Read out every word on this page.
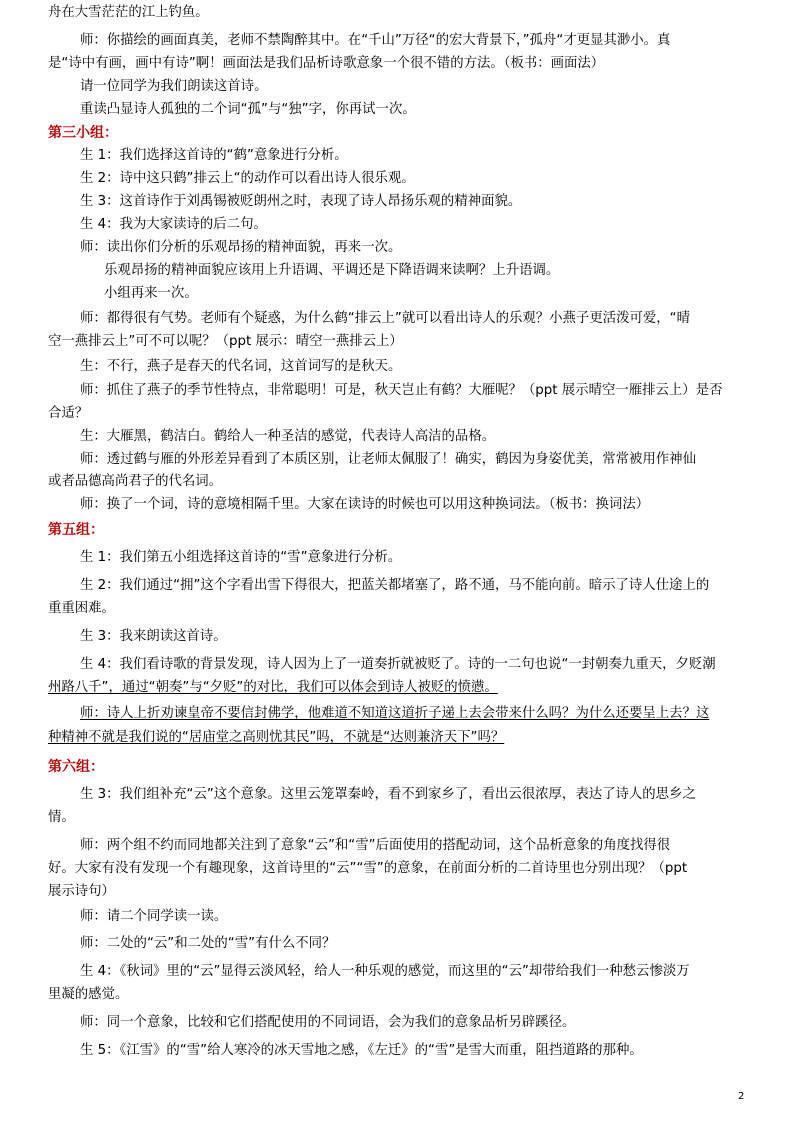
舟在大雪茫茫的江上钓鱼。
师：你描绘的画面真美，老师不禁陶醉其中。在“千山”万径“的宏大背景下，”孤舟“才更显其渺小。真
是“诗中有画，画中有诗”啊！画面法是我们品析诗歌意象一个很不错的方法。（板书：画面法）
请一位同学为我们朗读这首诗。
重读凸显诗人孤独的二个词“孤”与“独”字，你再试一次。
第三小组：
生 1：我们选择这首诗的“鹤”意象进行分析。
生 2：诗中这只鹤”排云上“的动作可以看出诗人很乐观。
生 3：这首诗作于刘禹锡被贬朗州之时，表现了诗人昂扬乐观的精神面貌。
生 4：我为大家读诗的后二句。
师：读出你们分析的乐观昂扬的精神面貌，再来一次。
乐观昂扬的精神面貌应该用上升语调、平调还是下降语调来读啊？上升语调。
小组再来一次。
师：都得很有气势。老师有个疑惑，为什么鹤“排云上”就可以看出诗人的乐观？小燕子更活泼可爱，“晴
空一燕排云上”可不可以呢？（ppt 展示：晴空一燕排云上）
生：不行，燕子是春天的代名词，这首词写的是秋天。
师：抓住了燕子的季节性特点，非常聪明！可是，秋天岂止有鹤？大雁呢？（ppt 展示晴空一雁排云上）是否
合适？
生：大雁黑，鹤洁白。鹤给人一种圣洁的感觉，代表诗人高洁的品格。
师：透过鹤与雁的外形差异看到了本质区别，让老师太佩服了！确实，鹤因为身姿优美，常常被用作神仙
或者品德高尚君子的代名词。
师：换了一个词，诗的意境相隔千里。大家在读诗的时候也可以用这种换词法。（板书：换词法）
第五组：
生 1：我们第五小组选择这首诗的“雪”意象进行分析。
生 2：我们通过“拥”这个字看出雪下得很大，把蓝关都堵塞了，路不通，马不能向前。暗示了诗人仕途上的
重重困难。
生 3：我来朗读这首诗。
生 4：我们看诗歌的背景发现，诗人因为上了一道奏折就被贬了。诗的一二句也说“一封朝奏九重天，夕贬潮
州路八千”，通过“朝奏”与“夕贬”的对比，我们可以体会到诗人被贬的愤懑。
师：诗人上折劝谏皇帝不要信封佛学，他难道不知道这道折子递上去会带来什么吗？为什么还要呈上去？这
种精神不就是我们说的“居庙堂之高则忧其民”吗，不就是“达则兼济天下”吗？
第六组：
生 3：我们组补充“云”这个意象。这里云笼罩秦岭，看不到家乡了，看出云很浓厚，表达了诗人的思乡之
情。
师：两个组不约而同地都关注到了意象“云”和“雪”后面使用的搭配动词，这个品析意象的角度找得很
好。大家有没有发现一个有趣现象，这首诗里的“云”“雪”的意象，在前面分析的二首诗里也分别出现？（ppt
展示诗句）
师：请二个同学读一读。
师：二处的“云”和二处的“雪”有什么不同？
生 4：《秋词》里的“云”显得云淡风轻，给人一种乐观的感觉，而这里的“云”却带给我们一种愁云惨淡万
里凝的感觉。
师：同一个意象，比较和它们搭配使用的不同词语，会为我们的意象品析另辟蹊径。
生 5：《江雪》的“雪”给人寒冷的冰天雪地之感，《左迁》的“雪”是雪大而重，阻挡道路的那种。
2
